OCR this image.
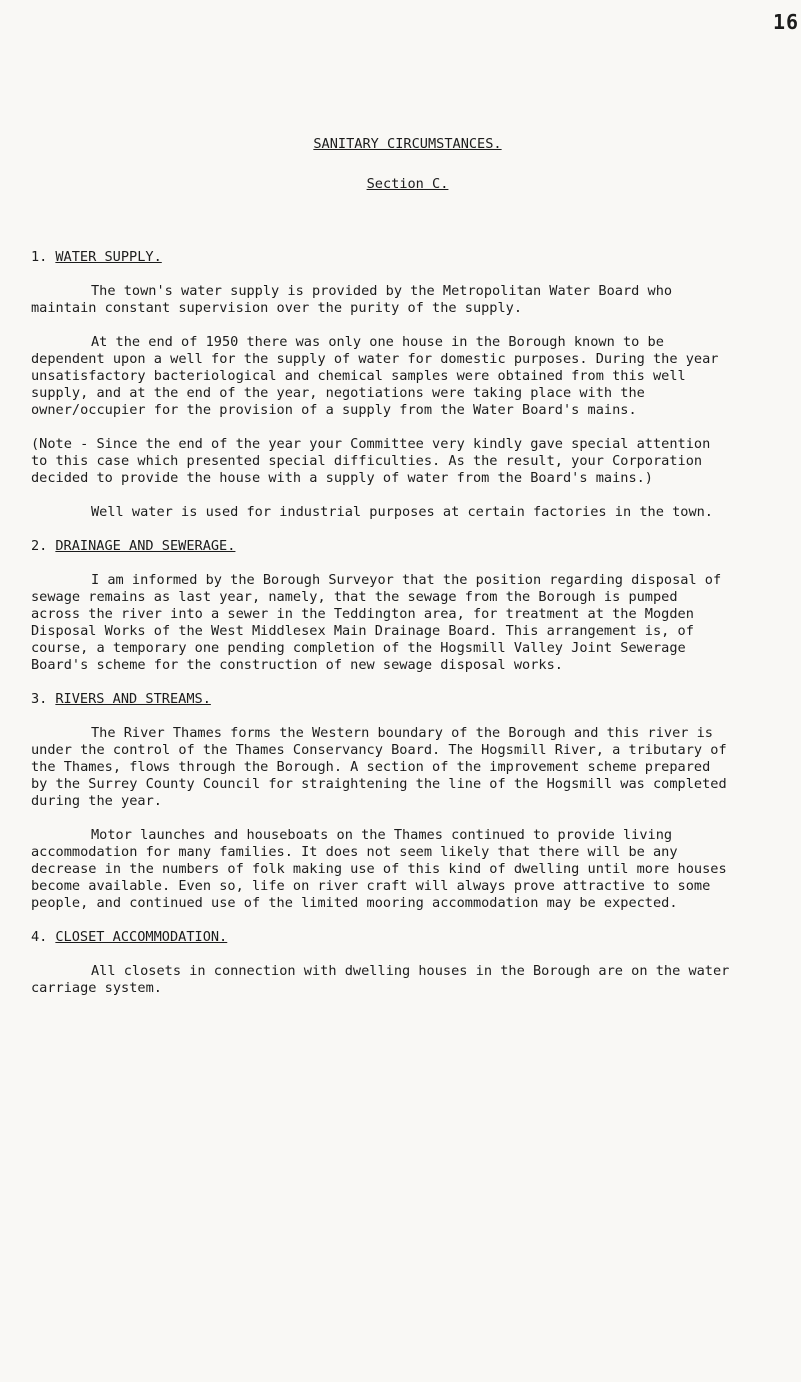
16
SANITARY CIRCUMSTANCES.
Section C.

1. WATER SUPPLY.

The town's water supply is provided by the Metropolitan Water Board who maintain constant supervision over the purity of the supply.

At the end of 1950 there was only one house in the Borough known to be dependent upon a well for the supply of water for domestic purposes. During the year unsatisfactory bacteriological and chemical samples were obtained from this well supply, and at the end of the year, negotiations were taking place with the owner/occupier for the provision of a supply from the Water Board's mains.

(Note - Since the end of the year your Committee very kindly gave special attention to this case which presented special difficulties. As the result, your Corporation decided to provide the house with a supply of water from the Board's mains.)

Well water is used for industrial purposes at certain factories in the town.

2. DRAINAGE AND SEWERAGE.

I am informed by the Borough Surveyor that the position regarding disposal of sewage remains as last year, namely, that the sewage from the Borough is pumped across the river into a sewer in the Teddington area, for treatment at the Mogden Disposal Works of the West Middlesex Main Drainage Board. This arrangement is, of course, a temporary one pending completion of the Hogsmill Valley Joint Sewerage Board's scheme for the construction of new sewage disposal works.

3. RIVERS AND STREAMS.

The River Thames forms the Western boundary of the Borough and this river is under the control of the Thames Conservancy Board. The Hogsmill River, a tributary of the Thames, flows through the Borough. A section of the improvement scheme prepared by the Surrey County Council for straightening the line of the Hogsmill was completed during the year.

Motor launches and houseboats on the Thames continued to provide living accommodation for many families. It does not seem likely that there will be any decrease in the numbers of folk making use of this kind of dwelling until more houses become available. Even so, life on river craft will always prove attractive to some people, and continued use of the limited mooring accommodation may be expected.

4. CLOSET ACCOMMODATION.

All closets in connection with dwelling houses in the Borough are on the water carriage system.
